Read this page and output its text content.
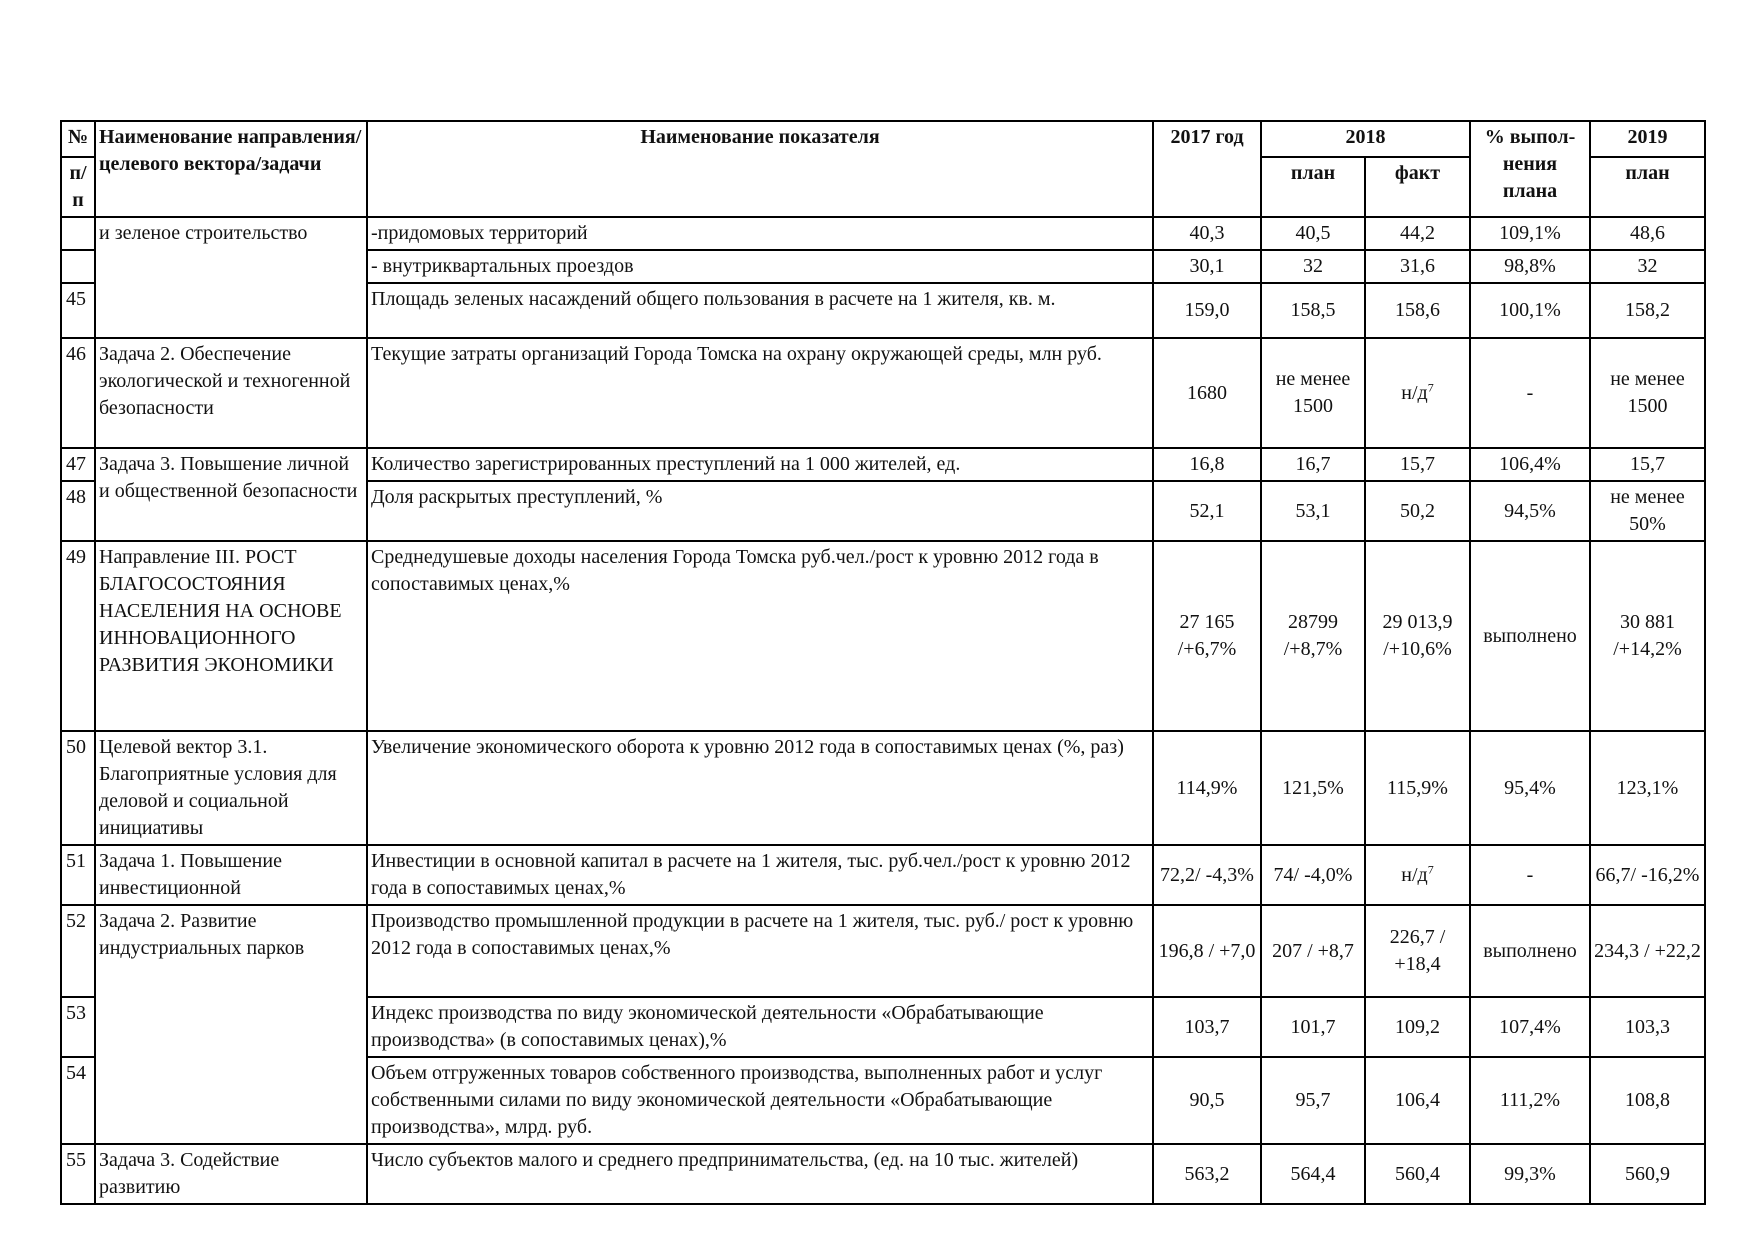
№	Наименование направления/целевого вектора/задачи	Наименование показателя	2017 год	2018		% выпол-нения плана	2019
п/п				план	факт		план
	и зеленое строительство	-придомовых территорий	40,3	40,5	44,2	109,1%	48,6
		- внутриквартальных проездов	30,1	32	31,6	98,8%	32
45		Площадь зеленых насаждений общего пользования в расчете на 1 жителя, кв. м.	159,0	158,5	158,6	100,1%	158,2
46	Задача 2. Обеспечение экологической и техногенной безопасности	Текущие затраты организаций Города Томска на охрану окружающей среды, млн руб.	1680	не менее 1500	$н/д^7$	-	не менее 1500
47	Задача 3. Повышение личной и общественной безопасности	Количество зарегистрированных преступлений на 1 000 жителей, ед.	16,8	16,7	15,7	106,4%	15,7
48		Доля раскрытых преступлений, %	52,1	53,1	50,2	94,5%	не менее 50%
49	Направление III. РОСТ БЛАГОСОСТОЯНИЯ НАСЕЛЕНИЯ НА ОСНОВЕ ИННОВАЦИОННОГО РАЗВИТИЯ ЭКОНОМИКИ	Среднедушевые доходы населения Города Томска руб.чел./рост к уровню 2012 года в сопоставимых ценах,%	27 165 /+6,7%	28799 /+8,7%	29 013,9 /+10,6%	выполнено	30 881 /+14,2%
50	Целевой вектор 3.1. Благоприятные условия для деловой и социальной инициативы	Увеличение экономического оборота к уровню 2012 года в сопоставимых ценах (%, раз)	114,9%	121,5%	115,9%	95,4%	123,1%
51	Задача 1. Повышение инвестиционной	Инвестиции в основной капитал в расчете на 1 жителя, тыс. руб.чел./рост к уровню 2012 года в сопоставимых ценах,%	72,2/ -4,3%	74/ -4,0%	$н/д^7$	-	66,7/ -16,2%
52	Задача 2. Развитие индустриальных парков	Производство промышленной продукции в расчете на 1 жителя, тыс. руб./ рост к уровню 2012 года в сопоставимых ценах,%	196,8 / +7,0	207 / +8,7	226,7 / +18,4	выполнено	234,3 / +22,2
53		Индекс производства по виду экономической деятельности «Обрабатывающие производства» (в сопоставимых ценах),%	103,7	101,7	109,2	107,4%	103,3
54		Объем отгруженных товаров собственного производства, выполненных работ и услуг собственными силами по виду экономической деятельности «Обрабатывающие производства», млрд. руб.	90,5	95,7	106,4	111,2%	108,8
55	Задача 3. Содействие развитию	Число субъектов малого и среднего предпринимательства, (ед. на 10 тыс. жителей)	563,2	564,4	560,4	99,3%	560,9
